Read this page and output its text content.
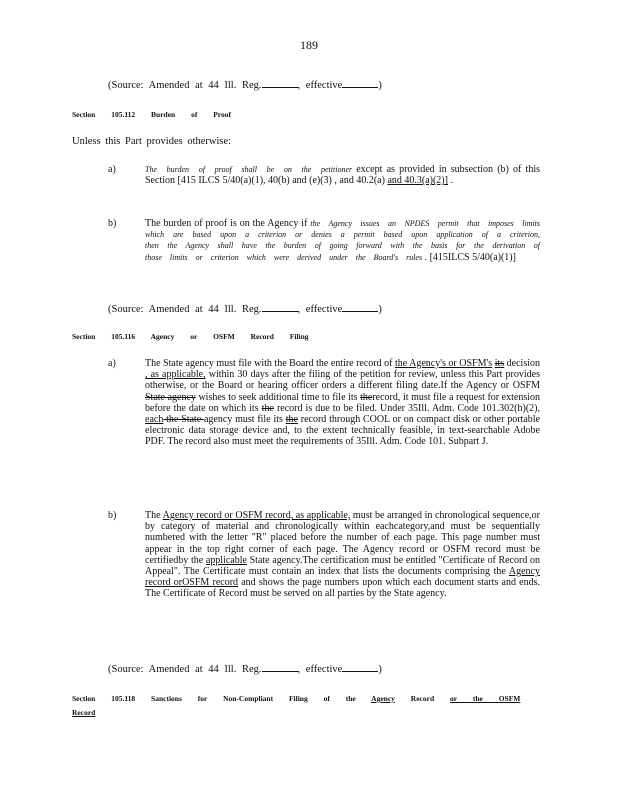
189
(Source: Amended at 44 Ill. Reg.	, effective	)
Section 105.112 Burden of Proof
Unless this Part provides otherwise:
a)	The burden of proof shall be on the petitioner except as provided in subsection (b) of this Section [415 ILCS 5/40(a)(1), 40(b) and (e)(3) , and 40.2(a) and 40.3(a)(2)] .
b)	The burden of proof is on the Agency if the Agency issues an NPDES permit that imposes limits which are based upon a criterion or denies a permit based upon application of a criterion, then the Agency shall have the burden of going forward with the basis for the derivation of those limits or criterion which were derived under the Board's rules . [415ILCS 5/40(a)(1)]
(Source: Amended at 44 Ill. Reg.	, effective	)
Section 105.116 Agency or OSFM Record Filing
a)	The State agency must file with the Board the entire record of the Agency's or OSFM's its decision , as applicable, within 30 days after the filing of the petition for review, unless this Part provides otherwise, or the Board or hearing officer orders a different filing date.If the Agency or OSFM State agency wishes to seek additional time to file its therecord, it must file a request for extension before the date on which its the record is due to be filed. Under 35Ill. Adm. Code 101.302(h)(2), each the State agency must file its the record through COOL or on compact disk or other portable electronic data storage device and, to the extent technically feasible, in text-searchable Adobe PDF. The record also must meet the requirements of 35Ill. Adm. Code 101. Subpart J.
b)	The Agency record or OSFM record, as applicable, must be arranged in chronological sequence,or by category of material and chronologically within eachcategory,and must be sequentially numbered with the letter "R" placed before the number of each page. This page number must appear in the top right corner of each page. The Agency record or OSFM record must be certifiedby the applicable State agency.The certification must be entitled "Certificate of Record on Appeal". The Certificate must contain an index that lists the documents comprising the Agency record orOSFM record and shows the page numbers upon which each document starts and ends. The Certificate of Record must be served on all parties by the State agency.
(Source: Amended at 44 Ill. Reg.	, effective	)
Section 105.118 Sanctions for Non-Compliant Filing of the Agency Record or the OSFM Record
